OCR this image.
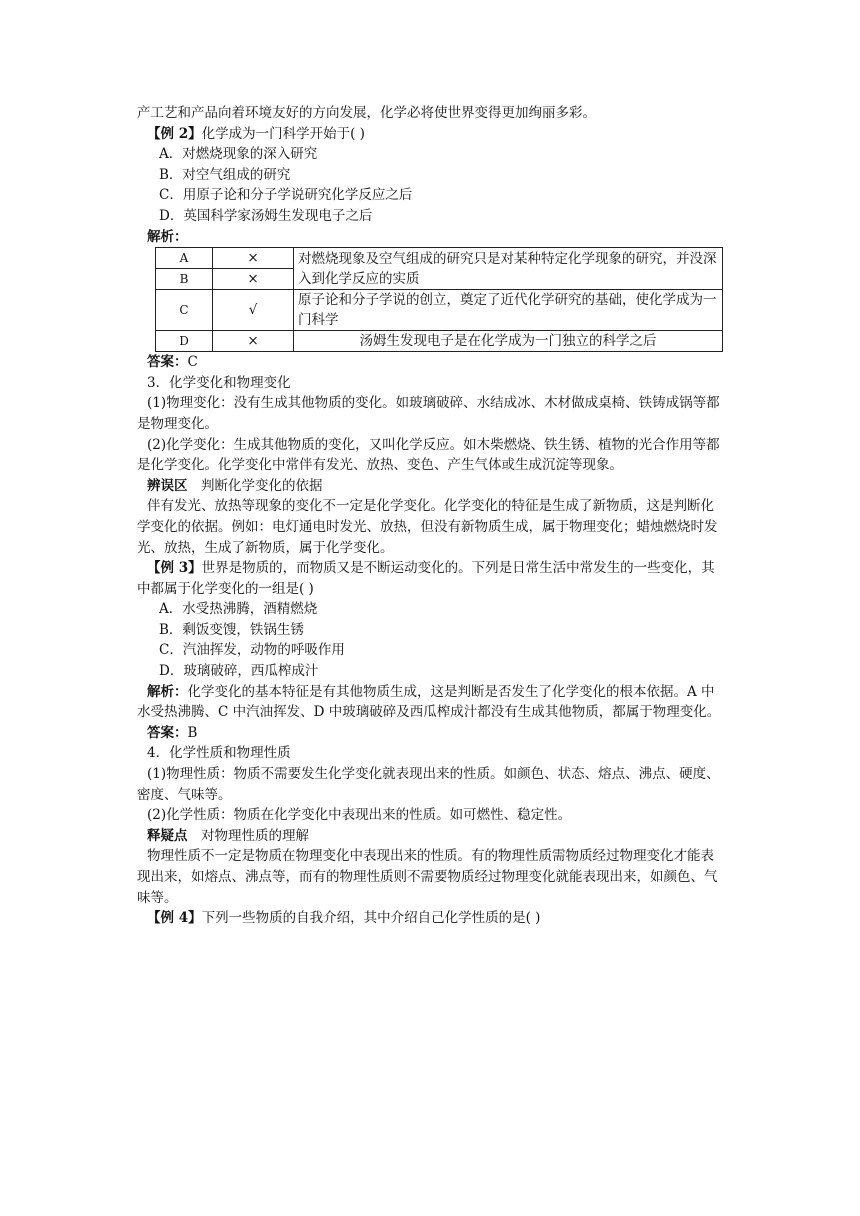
产工艺和产品向着环境友好的方向发展，化学必将使世界变得更加绚丽多彩。

【例 2】化学成为一门科学开始于( )

A．对燃烧现象的深入研究

B．对空气组成的研究

C．用原子论和分子学说研究化学反应之后

D．英国科学家汤姆生发现电子之后

解析：

A	×	对燃烧现象及空气组成的研究只是对某种特定化学现象的研究，并没深入到化学反应的实质
B	×	
C	√	原子论和分子学说的创立，奠定了近代化学研究的基础，使化学成为一门科学
D	×	汤姆生发现电子是在化学成为一门独立的科学之后

答案：C

3．化学变化和物理变化

(1)物理变化：没有生成其他物质的变化。如玻璃破碎、水结成冰、木材做成桌椅、铁铸成锅等都是物理变化。

(2)化学变化：生成其他物质的变化，又叫化学反应。如木柴燃烧、铁生锈、植物的光合作用等都是化学变化。化学变化中常伴有发光、放热、变色、产生气体或生成沉淀等现象。

辨误区　 判断化学变化的依据

伴有发光、放热等现象的变化不一定是化学变化。化学变化的特征是生成了新物质，这是判断化学变化的依据。例如：电灯通电时发光、放热，但没有新物质生成，属于物理变化；蜡烛燃烧时发光、放热，生成了新物质，属于化学变化。

【例 3】世界是物质的，而物质又是不断运动变化的。下列是日常生活中常发生的一些变化，其中都属于化学变化的一组是( )

A．水受热沸腾，酒精燃烧

B．剩饭变馊，铁锅生锈

C．汽油挥发，动物的呼吸作用

D．玻璃破碎，西瓜榨成汁

解析：化学变化的基本特征是有其他物质生成，这是判断是否发生了化学变化的根本依据。A 中水受热沸腾、C 中汽油挥发、D 中玻璃破碎及西瓜榨成汁都没有生成其他物质，都属于物理变化。

答案：B

4．化学性质和物理性质

(1)物理性质：物质不需要发生化学变化就表现出来的性质。如颜色、状态、熔点、沸点、硬度、密度、气味等。

(2)化学性质：物质在化学变化中表现出来的性质。如可燃性、稳定性。

释疑点　 对物理性质的理解

物理性质不一定是物质在物理变化中表现出来的性质。有的物理性质需物质经过物理变化才能表现出来，如熔点、沸点等，而有的物理性质则不需要物质经过物理变化就能表现出来，如颜色、气味等。

【例 4】下列一些物质的自我介绍，其中介绍自己化学性质的是( )
